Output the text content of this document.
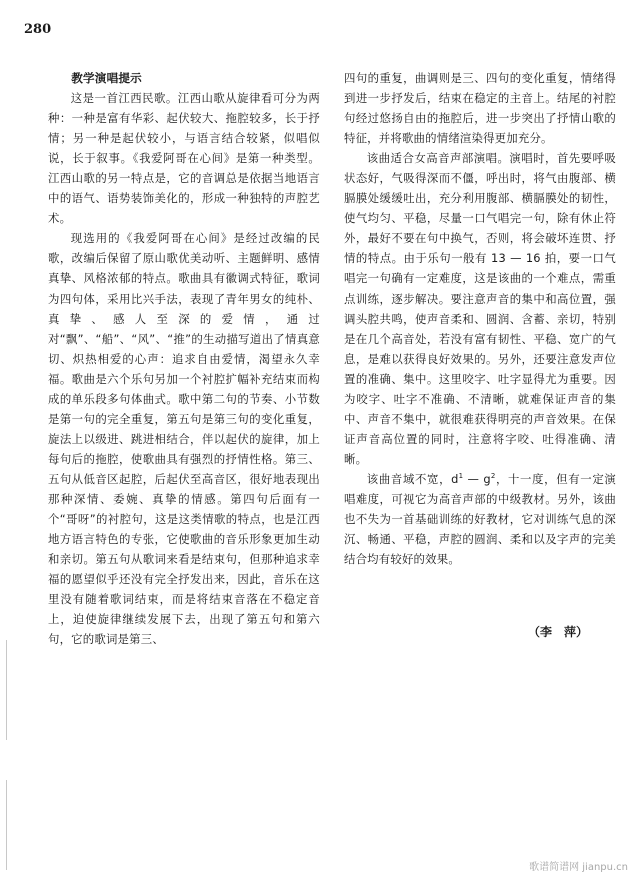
280

教学演唱提示

这是一首江西民歌。江西山歌从旋律看可分为两种：一种是富有华彩、起伏较大、拖腔较多，长于抒情；另一种是起伏较小，与语言结合较紧，似唱似说，长于叙事。《我爱阿哥在心间》是第一种类型。江西山歌的另一特点是，它的音调总是依据当地语言中的语气、语势装饰美化的，形成一种独特的声腔艺术。

现选用的《我爱阿哥在心间》是经过改编的民歌，改编后保留了原山歌优美动听、主题鲜明、感情真挚、风格浓郁的特点。歌曲具有徽调式特征，歌词为四句体，采用比兴手法，表现了青年男女的纯朴、真挚、感人至深的爱情，通过对“飘”、“船”、“风”、“推”的生动描写道出了情真意切、炽热相爱的心声：追求自由爱情，渴望永久幸福。歌曲是六个乐句另加一个衬腔扩幅补充结束而构成的单乐段多句体曲式。歌中第二句的节奏、小节数是第一句的完全重复，第五句是第三句的变化重复，旋法上以级进、跳进相结合，伴以起伏的旋律，加上每句后的拖腔，使歌曲具有强烈的抒情性格。第三、五句从低音区起腔，后起伏至高音区，很好地表现出那种深情、委婉、真挚的情感。第四句后面有一个“哥呀”的衬腔句，这是这类情歌的特点，也是江西地方语言特色的专张，它使歌曲的音乐形象更加生动和亲切。第五句从歌词来看是结束句，但那种追求幸福的愿望似乎还没有完全抒发出来，因此，音乐在这里没有随着歌词结束，而是将结束音落在不稳定音上，迫使旋律继续发展下去，出现了第五句和第六句，它的歌词是第三、

四句的重复，曲调则是三、四句的变化重复，情绪得到进一步抒发后，结束在稳定的主音上。结尾的衬腔句经过悠扬自由的拖腔后，进一步突出了抒情山歌的特征，并将歌曲的情绪渲染得更加充分。

该曲适合女高音声部演唱。演唱时，首先要呼吸状态好，气吸得深而不僵，呼出时，将气由腹部、横膈膜处缓缓吐出，充分利用腹部、横膈膜处的韧性，使气均匀、平稳，尽量一口气唱完一句，除有休止符外，最好不要在句中换气，否则，将会破坏连贯、抒情的特点。由于乐句一般有 13 — 16 拍，要一口气唱完一句确有一定难度，这是该曲的一个难点，需重点训练，逐步解决。要注意声音的集中和高位置，强调头腔共鸣，使声音柔和、圆润、含蓄、亲切，特别是在几个高音处，若没有富有韧性、平稳、宽广的气息，是难以获得良好效果的。另外，还要注意发声位置的准确、集中。这里咬字、吐字显得尤为重要。因为咬字、吐字不准确、不清晰，就难保证声音的集中、声音不集中，就很难获得明亮的声音效果。在保证声音高位置的同时，注意将字咬、吐得准确、清晰。

该曲音域不宽，$d^1$ — $g^2$，十一度，但有一定演唱难度，可视它为高音声部的中级教材。另外，该曲也不失为一首基础训练的好教材，它对训练气息的深沉、畅通、平稳，声腔的圆润、柔和以及字声的完美结合均有较好的效果。

（李　萍）
歌谱简谱网 jianpu.cn
